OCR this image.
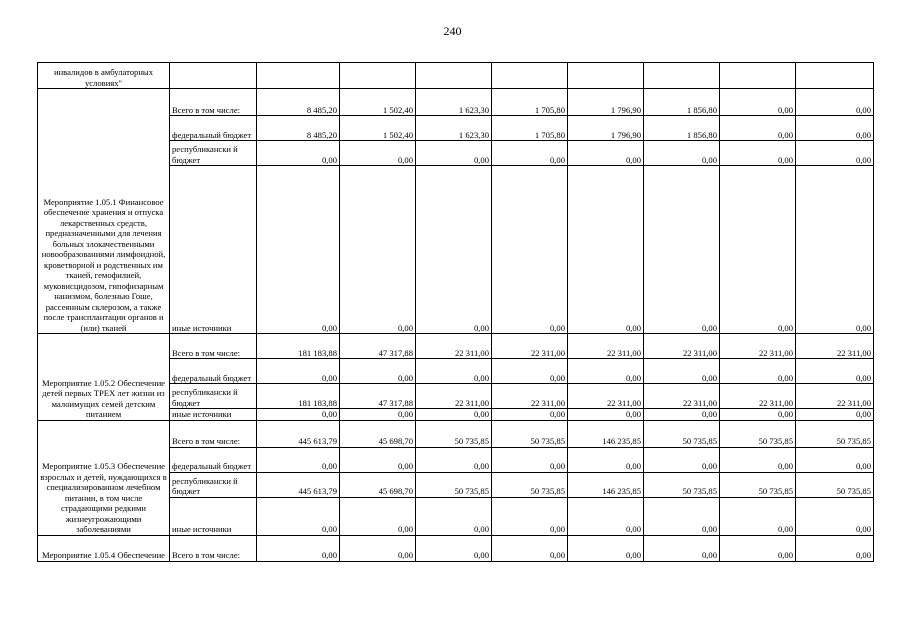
240
инвалидов в амбулаторных условиях"									
Мероприятие 1.05.1 Финансовое обеспечение хранения и отпуска лекарственных средств, предназначенными для лечения больных злокачественными новообразованиями лимфоидной, кроветворной и родственных им тканей, гемофилией, муковисцидозом, гипофизарным нанизмом, болезнью Гоше, рассеянным склерозом, а также после трансплантации органов и (или) тканей	Всего в том числе:	8 485,20	1 502,40	1 623,30	1 705,80	1 796,90	1 856,80	0,00	0,00
	федеральный бюджет	8 485,20	1 502,40	1 623,30	1 705,80	1 796,90	1 856,80	0,00	0,00
	республикански й бюджет	0,00	0,00	0,00	0,00	0,00	0,00	0,00	0,00
	иные источники	0,00	0,00	0,00	0,00	0,00	0,00	0,00	0,00
Мероприятие 1.05.2 Обеспечение детей первых ТРЕХ лет жизни из малоимущих семей детским питанием	Всего в том числе:	181 183,88	47 317,88	22 311,00	22 311,00	22 311,00	22 311,00	22 311,00	22 311,00
	федеральный бюджет	0,00	0,00	0,00	0,00	0,00	0,00	0,00	0,00
	республикански й бюджет	181 183,88	47 317,88	22 311,00	22 311,00	22 311,00	22 311,00	22 311,00	22 311,00
	иные источники	0,00	0,00	0,00	0,00	0,00	0,00	0,00	0,00
Мероприятие 1.05.3 Обеспечение взрослых и детей, нуждающихся в специализированном лечебном питании, в том числе страдающими редкими жизнеугрожающими заболеваниями	Всего в том числе:	445 613,79	45 698,70	50 735,85	50 735,85	146 235,85	50 735,85	50 735,85	50 735,85
	федеральный бюджет	0,00	0,00	0,00	0,00	0,00	0,00	0,00	0,00
	республикански й бюджет	445 613,79	45 698,70	50 735,85	50 735,85	146 235,85	50 735,85	50 735,85	50 735,85
	иные источники	0,00	0,00	0,00	0,00	0,00	0,00	0,00	0,00
Мероприятие 1.05.4 Обеспечение	Всего в том числе:	0,00	0,00	0,00	0,00	0,00	0,00	0,00	0,00
